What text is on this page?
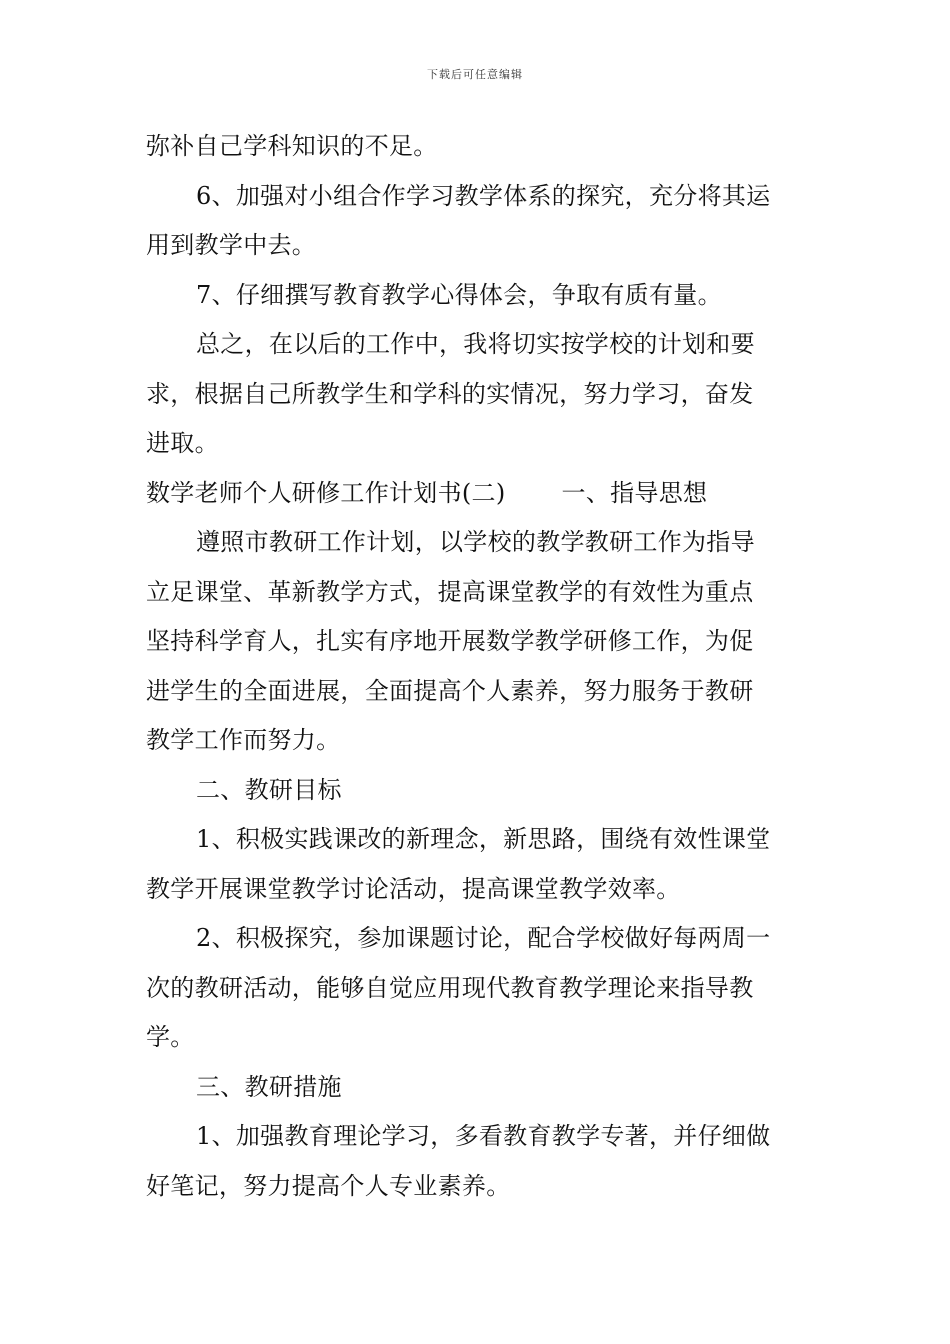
下载后可任意编辑
弥补自己学科知识的不足。
6、加强对小组合作学习教学体系的探究，充分将其运
用到教学中去。
7、仔细撰写教育教学心得体会，争取有质有量。
总之，在以后的工作中，我将切实按学校的计划和要
求，根据自己所教学生和学科的实情况，努力学习，奋发
进取。
数学老师个人研修工作计划书(二) 一、指导思想
遵照市教研工作计划，以学校的教学教研工作为指导
立足课堂、革新教学方式，提高课堂教学的有效性为重点
坚持科学育人，扎实有序地开展数学教学研修工作，为促
进学生的全面进展，全面提高个人素养，努力服务于教研
教学工作而努力。
二、教研目标
1、积极实践课改的新理念，新思路，围绕有效性课堂
教学开展课堂教学讨论活动，提高课堂教学效率。
2、积极探究，参加课题讨论，配合学校做好每两周一
次的教研活动，能够自觉应用现代教育教学理论来指导教
学。
三、教研措施
1、加强教育理论学习，多看教育教学专著，并仔细做
好笔记，努力提高个人专业素养。
